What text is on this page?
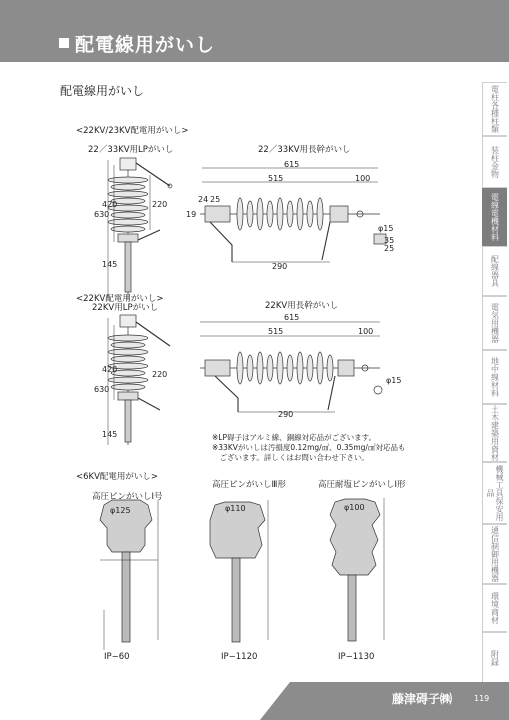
配電線用がいし
配電線用がいし
<22KV/23KV配電用がいし>
<22KV配電用がいし>
<6KV配電用がいし>
22／33KV用LPがいし	22／33KV用長幹がいし
22KV用LPがいし	22KV用長幹がいし
高圧ピンがいしⅠ号
高圧ピンがいしⅢ形	高圧耐塩ピンがいしⅠ形
615
515	100
290
φ15
24 25
19
35
25
615
515	100
290
φ15
630
420
145
220
630
420
145
220
φ125	φ110	φ100
IP−60	IP−1120	IP−1130
※LP碍子はアルミ線、銅線対応品がございます。
※33KVがいしは汚損度0.12mg/㎠、0.35mg/㎠対応品も
　ございます。詳しくはお問い合わせ下さい。
電柱各種柱類
装柱金物
電線電機材料
配線器具
電気用機器
地中線材料
土木建築用資材
機械工具保安用品
通信制御用機器
環境商材
附録
藤津碍子㈱	119
